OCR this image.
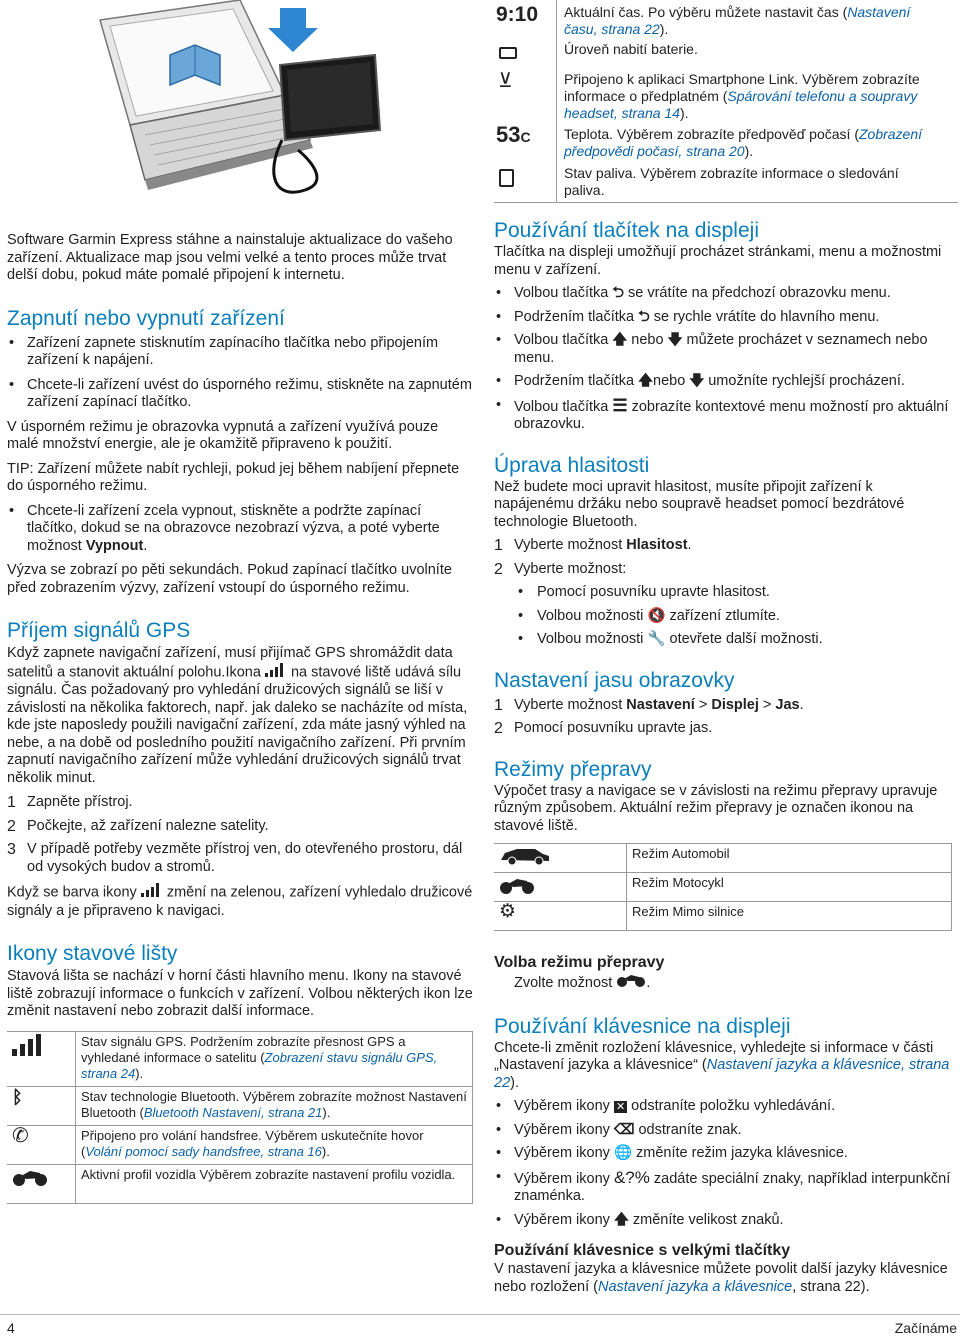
9:10 Aktuální čas. Po výběru můžete nastavit čas (Nastavení času, strana 22).
Úroveň nabití baterie.
⊻	Připojeno k aplikaci Smartphone Link. Výběrem zobrazíte informace o předplatném (Spárování telefonu a soupravy headset, strana 14).
53C Teplota. Výběrem zobrazíte předpověď počasí (Zobrazení předpovědi počasí, strana 20).
Stav paliva. Výběrem zobrazíte informace o sledování paliva.

Software Garmin Express stáhne a nainstaluje aktualizace do vašeho zařízení. Aktualizace map jsou velmi velké a tento proces může trvat delší dobu, pokud máte pomalé připojení k internetu.

Zapnutí nebo vypnutí zařízení
• Zařízení zapnete stisknutím zapínacího tlačítka nebo připojením zařízení k napájení.
• Chcete-li zařízení uvést do úsporného režimu, stiskněte na zapnutém zařízení zapínací tlačítko.

V úsporném režimu je obrazovka vypnutá a zařízení využívá pouze malé množství energie, ale je okamžitě připraveno k použití.

TIP: Zařízení můžete nabít rychleji, pokud jej během nabíjení přepnete do úsporného režimu.

• Chcete-li zařízení zcela vypnout, stiskněte a podržte zapínací tlačítko, dokud se na obrazovce nezobrazí výzva, a poté vyberte možnost Vypnout.

Výzva se zobrazí po pěti sekundách. Pokud zapínací tlačítko uvolníte před zobrazením výzvy, zařízení vstoupí do úsporného režimu.

Příjem signálů GPS

Když zapnete navigační zařízení, musí přijímač GPS shromáždit data satelitů a stanovit aktuální polohu.Ikona  na stavové liště udává sílu signálu. Čas požadovaný pro vyhledání družicových signálů se liší v závislosti na několika faktorech, např. jak daleko se nacházíte od místa, kde jste naposledy použili navigační zařízení, zda máte jasný výhled na nebe, a na době od posledního použití navigačního zařízení. Při prvním zapnutí navigačního zařízení může vyhledání družicových signálů trvat několik minut.

1 Zapněte přístroj.
2 Počkejte, až zařízení nalezne satelity.
3 V případě potřeby vezměte přístroj ven, do otevřeného prostoru, dál od vysokých budov a stromů.

Když se barva ikony  změní na zelenou, zařízení vyhledalo družicové signály a je připraveno k navigaci.

Ikony stavové lišty

Stavová lišta se nachází v horní části hlavního menu. Ikony na stavové liště zobrazují informace o funkcích v zařízení. Volbou některých ikon lze změnit nastavení nebo zobrazit další informace.

	Stav signálu GPS. Podržením zobrazíte přesnost GPS a vyhledané informace o satelitu (Zobrazení stavu signálu GPS, strana 24).
ᛒ	Stav technologie Bluetooth. Výběrem zobrazíte možnost Nastavení Bluetooth (Bluetooth Nastavení, strana 21).
✆	Připojeno pro volání handsfree. Výběrem uskutečníte hovor (Volání pomocí sady handsfree, strana 16).
	Aktivní profil vozidla Výběrem zobrazíte nastavení profilu vozidla.
Používání tlačítek na displeji

Tlačítka na displeji umožňují procházet stránkami, menu a možnostmi menu v zařízení.

• Volbou tlačítka ⮌ se vrátíte na předchozí obrazovku menu.
• Podržením tlačítka ⮌ se rychle vrátíte do hlavního menu.
• Volbou tlačítka 🡅 nebo 🡇 můžete procházet v seznamech nebo menu.
• Podržením tlačítka 🡅nebo 🡇 umožníte rychlejší procházení.
• Volbou tlačítka ☰ zobrazíte kontextové menu možností pro aktuální obrazovku.
Úprava hlasitosti

Než budete moci upravit hlasitost, musíte připojit zařízení k napájenému držáku nebo soupravě headset pomocí bezdrátové technologie Bluetooth.

1 Vyberte možnost Hlasitost.
2 Vyberte možnost:
• Pomocí posuvníku upravte hlasitost.
• Volbou možnosti 🔇 zařízení ztlumíte.
• Volbou možnosti 🔧 otevřete další možnosti.
Nastavení jasu obrazovky
1 Vyberte možnost Nastavení > Displej > Jas.
2 Pomocí posuvníku upravte jas.
Režimy přepravy

Výpočet trasy a navigace se v závislosti na režimu přepravy upravuje různým způsobem. Aktuální režim přepravy je označen ikonou na stavové liště.

	Režim Automobil
	Režim Motocykl
⚙	Režim Mimo silnice
Volba režimu přepravy

Zvolte možnost .

Používání klávesnice na displeji

Chcete-li změnit rozložení klávesnice, vyhledejte si informace v části „Nastavení jazyka a klávesnice“ (Nastavení jazyka a klávesnice, strana 22).

• Výběrem ikony ✕ odstraníte položku vyhledávání.
• Výběrem ikony ⌫ odstraníte znak.
• Výběrem ikony 🌐 změníte režim jazyka klávesnice.
• Výběrem ikony &?% zadáte speciální znaky, například interpunkční znaménka.
• Výběrem ikony 🡅 změníte velikost znaků.
Používání klávesnice s velkými tlačítky

V nastavení jazyka a klávesnice můžete povolit další jazyky klávesnice nebo rozložení (Nastavení jazyka a klávesnice, strana 22).

4	Začínáme
